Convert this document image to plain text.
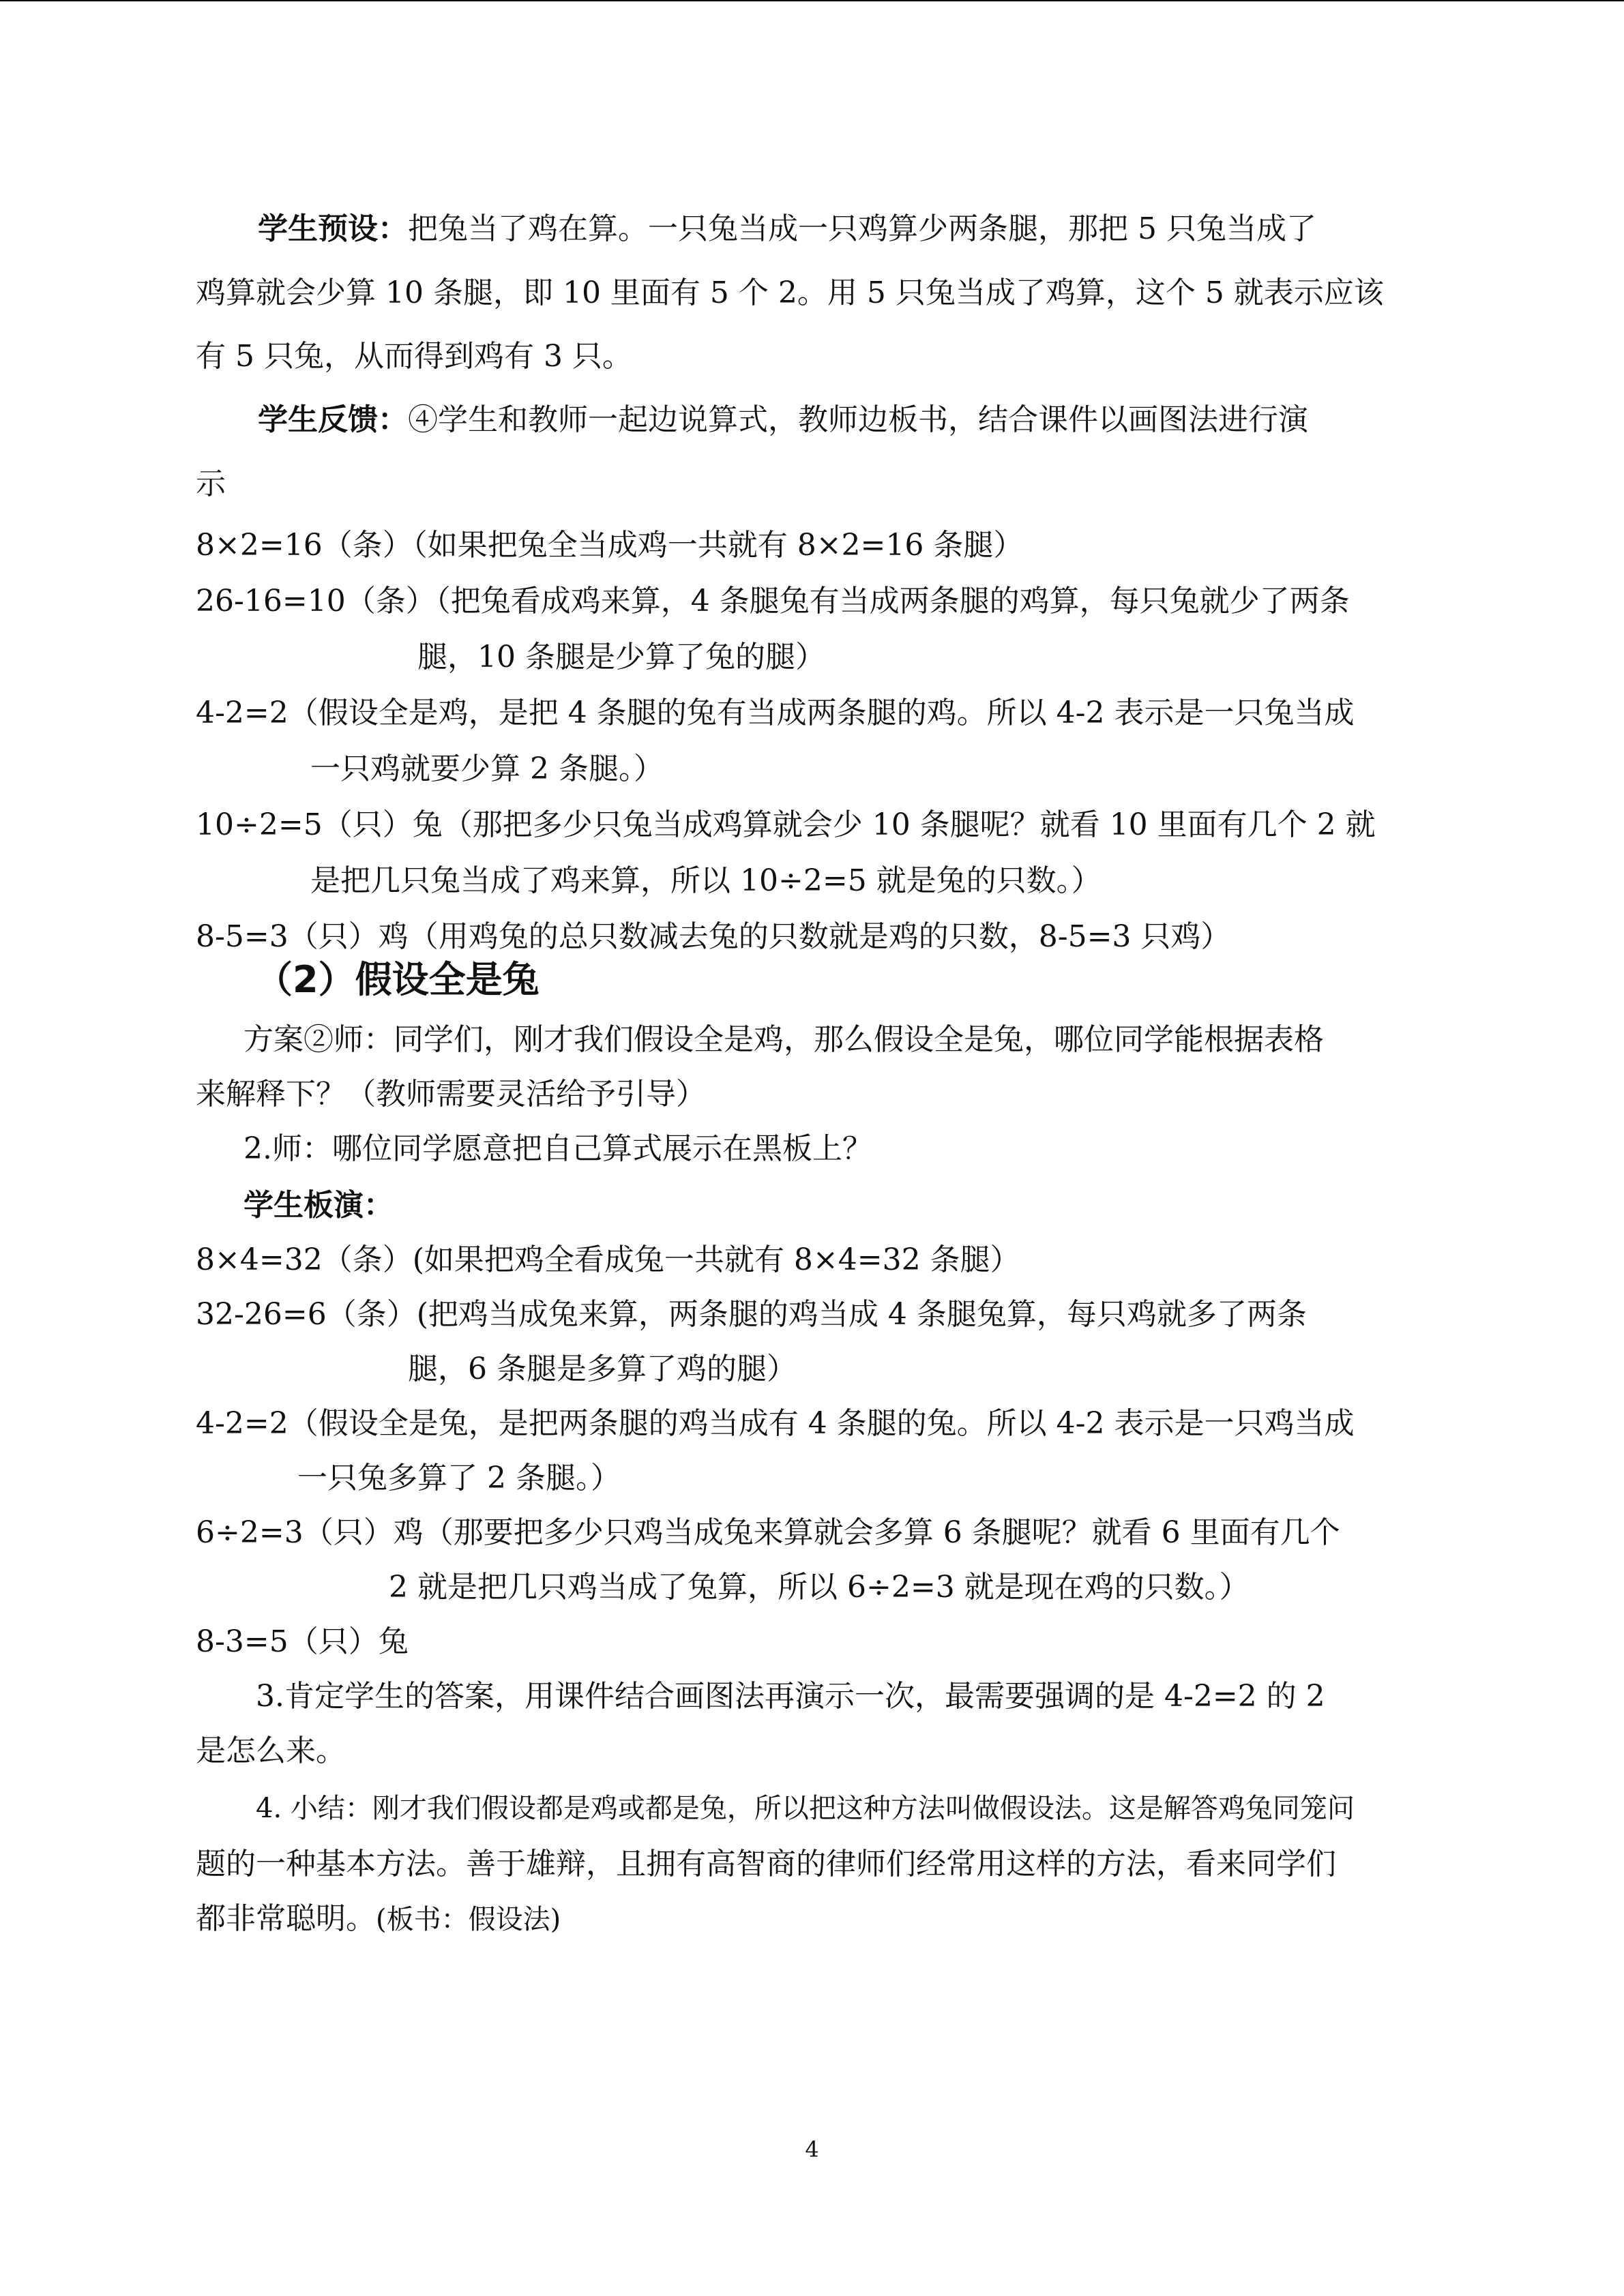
学生预设：把兔当了鸡在算。一只兔当成一只鸡算少两条腿，那把 5 只兔当成了
鸡算就会少算 10 条腿，即 10 里面有 5 个 2。用 5 只兔当成了鸡算，这个 5 就表示应该
有 5 只兔，从而得到鸡有 3 只。
学生反馈：④学生和教师一起边说算式，教师边板书，结合课件以画图法进行演
示
8×2=16（条）（如果把兔全当成鸡一共就有 8×2=16 条腿）
26-16=10（条）（把兔看成鸡来算，4 条腿兔有当成两条腿的鸡算，每只兔就少了两条
腿，10 条腿是少算了兔的腿）
4-2=2（假设全是鸡，是把 4 条腿的兔有当成两条腿的鸡。所以 4-2 表示是一只兔当成
一只鸡就要少算 2 条腿。）
10÷2=5（只）兔（那把多少只兔当成鸡算就会少 10 条腿呢？就看 10 里面有几个 2 就
是把几只兔当成了鸡来算，所以 10÷2=5 就是兔的只数。）
8-5=3（只）鸡（用鸡兔的总只数减去兔的只数就是鸡的只数，8-5=3 只鸡）
（2）假设全是兔
方案②师：同学们，刚才我们假设全是鸡，那么假设全是兔，哪位同学能根据表格
来解释下？（教师需要灵活给予引导）
2.师：哪位同学愿意把自己算式展示在黑板上？
学生板演：
8×4=32（条）(如果把鸡全看成兔一共就有 8×4=32 条腿）
32-26=6（条）(把鸡当成兔来算，两条腿的鸡当成 4 条腿兔算，每只鸡就多了两条
腿，6 条腿是多算了鸡的腿）
4-2=2（假设全是兔，是把两条腿的鸡当成有 4 条腿的兔。所以 4-2 表示是一只鸡当成
一只兔多算了 2 条腿。）
6÷2=3（只）鸡（那要把多少只鸡当成兔来算就会多算 6 条腿呢？就看 6 里面有几个
2 就是把几只鸡当成了兔算，所以 6÷2=3 就是现在鸡的只数。）
8-3=5（只）兔
3.肯定学生的答案，用课件结合画图法再演示一次，最需要强调的是 4-2=2 的 2
是怎么来。
4. 小结：刚才我们假设都是鸡或都是兔，所以把这种方法叫做假设法。这是解答鸡兔同笼问
题的一种基本方法。善于雄辩，且拥有高智商的律师们经常用这样的方法，看来同学们
都非常聪明。(板书：假设法)
4
